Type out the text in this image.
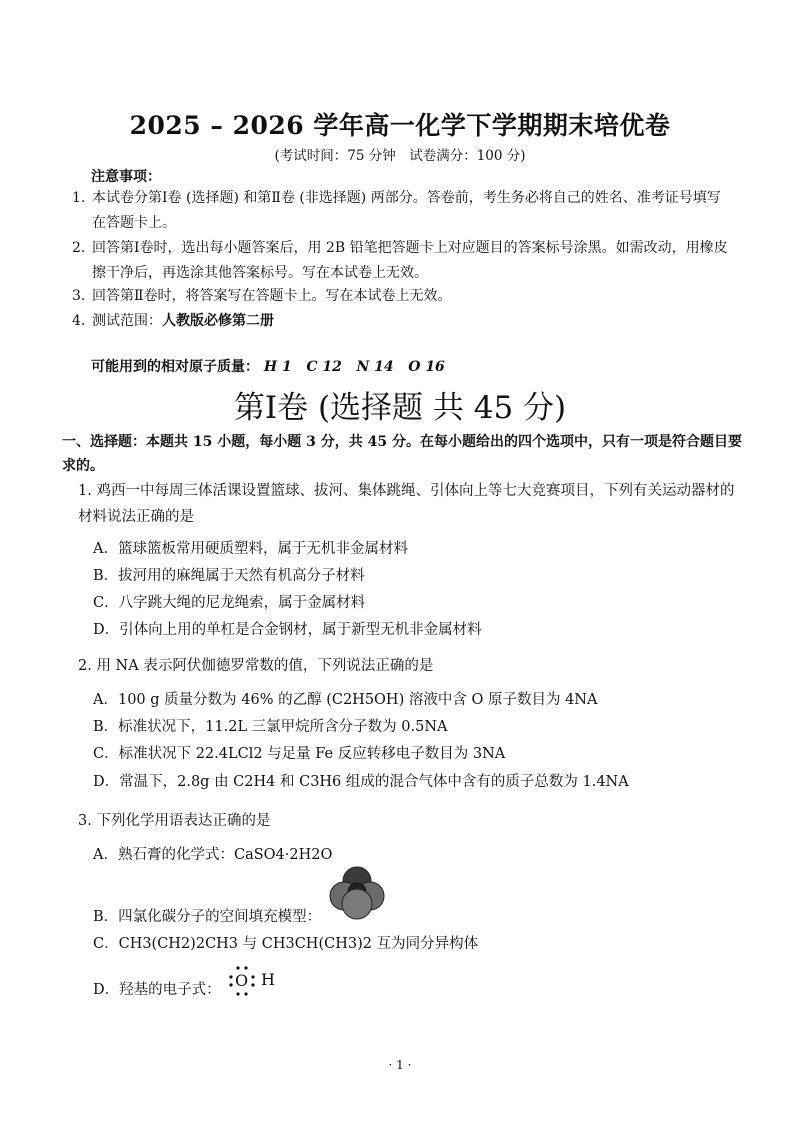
2025 – 2026 学年高一化学下学期期末培优卷
(考试时间：75 分钟　试卷满分：100 分)
注意事项：
1. 本试卷分第Ⅰ卷 (选择题) 和第Ⅱ卷 (非选择题) 两部分。答卷前，考生务必将自己的姓名、准考证号填写在答题卡上。
2. 回答第Ⅰ卷时，选出每小题答案后，用 2B 铅笔把答题卡上对应题目的答案标号涂黑。如需改动，用橡皮擦干净后，再选涂其他答案标号。写在本试卷上无效。
3. 回答第Ⅱ卷时，将答案写在答题卡上。写在本试卷上无效。
4. 测试范围：人教版必修第二册
可能用到的相对原子质量： H 1 C 12 N 14 O 16
第Ⅰ卷 (选择题 共 45 分)
一、选择题：本题共 15 小题，每小题 3 分，共 45 分。在每小题给出的四个选项中，只有一项是符合题目要求的。
1. 鸡西一中每周三体活课设置篮球、拔河、集体跳绳、引体向上等七大竞赛项目，下列有关运动器材的材料说法正确的是
A．篮球篮板常用硬质塑料，属于无机非金属材料
B．拔河用的麻绳属于天然有机高分子材料
C．八字跳大绳的尼龙绳索，属于金属材料
D．引体向上用的单杠是合金钢材，属于新型无机非金属材料
2. 用 NA 表示阿伏伽德罗常数的值，下列说法正确的是
A．100 g 质量分数为 46% 的乙醇 (C2H5OH) 溶液中含 O 原子数目为 4NA
B．标准状况下，11.2L 三氯甲烷所含分子数为 0.5NA
C．标准状况下 22.4LCl2 与足量 Fe 反应转移电子数目为 3NA
D．常温下，2.8g 由 C2H4 和 C3H6 组成的混合气体中含有的质子总数为 1.4NA
3. 下列化学用语表达正确的是
A．熟石膏的化学式：CaSO4·2H2O
B．四氯化碳分子的空间填充模型：
C．CH3(CH2)2CH3 与 CH3CH(CH3)2 互为同分异构体
D．羟基的电子式： O H
· 1 ·
